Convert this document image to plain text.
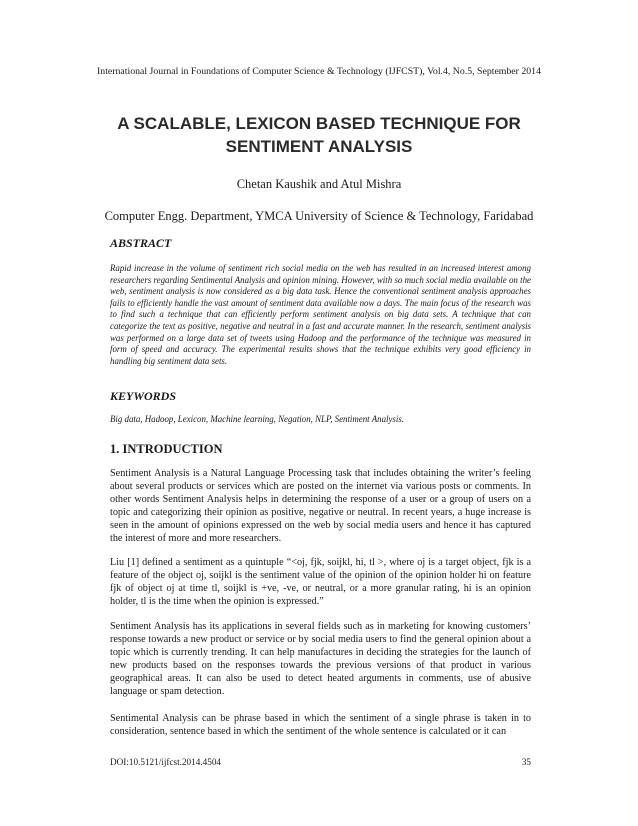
International Journal in Foundations of Computer Science & Technology (IJFCST), Vol.4, No.5, September 2014
A SCALABLE, LEXICON BASED TECHNIQUE FOR
SENTIMENT ANALYSIS
Chetan Kaushik and Atul Mishra
Computer Engg. Department, YMCA University of Science & Technology, Faridabad
ABSTRACT
Rapid increase in the volume of sentiment rich social media on the web has resulted in an increased interest among researchers regarding Sentimental Analysis and opinion mining. However, with so much social media available on the web, sentiment analysis is now considered as a big data task. Hence the conventional sentiment analysis approaches fails to efficiently handle the vast amount of sentiment data available now a days. The main focus of the research was to find such a technique that can efficiently perform sentiment analysis on big data sets. A technique that can categorize the text as positive, negative and neutral in a fast and accurate manner. In the research, sentiment analysis was performed on a large data set of tweets using Hadoop and the performance of the technique was measured in form of speed and accuracy. The experimental results shows that the technique exhibits very good efficiency in handling big sentiment data sets.
KEYWORDS
Big data, Hadoop, Lexicon, Machine learning, Negation, NLP, Sentiment Analysis.
1. INTRODUCTION
Sentiment Analysis is a Natural Language Processing task that includes obtaining the writer’s feeling about several products or services which are posted on the internet via various posts or comments. In other words Sentiment Analysis helps in determining the response of a user or a group of users on a topic and categorizing their opinion as positive, negative or neutral. In recent years, a huge increase is seen in the amount of opinions expressed on the web by social media users and hence it has captured the interest of more and more researchers.
Liu [1] defined a sentiment as a quintuple “<oj, fjk, soijkl, hi, tl >, where oj is a target object, fjk is a feature of the object oj, soijkl is the sentiment value of the opinion of the opinion holder hi on feature fjk of object oj at time tl, soijkl is +ve, -ve, or neutral, or a more granular rating, hi is an opinion holder, tl is the time when the opinion is expressed.”
Sentiment Analysis has its applications in several fields such as in marketing for knowing customers’ response towards a new product or service or by social media users to find the general opinion about a topic which is currently trending. It can help manufactures in deciding the strategies for the launch of new products based on the responses towards the previous versions of that product in various geographical areas. It can also be used to detect heated arguments in comments, use of abusive language or spam detection.
Sentimental Analysis can be phrase based in which the sentiment of a single phrase is taken in to consideration, sentence based in which the sentiment of the whole sentence is calculated or it can
DOI:10.5121/ijfcst.2014.4504	35
